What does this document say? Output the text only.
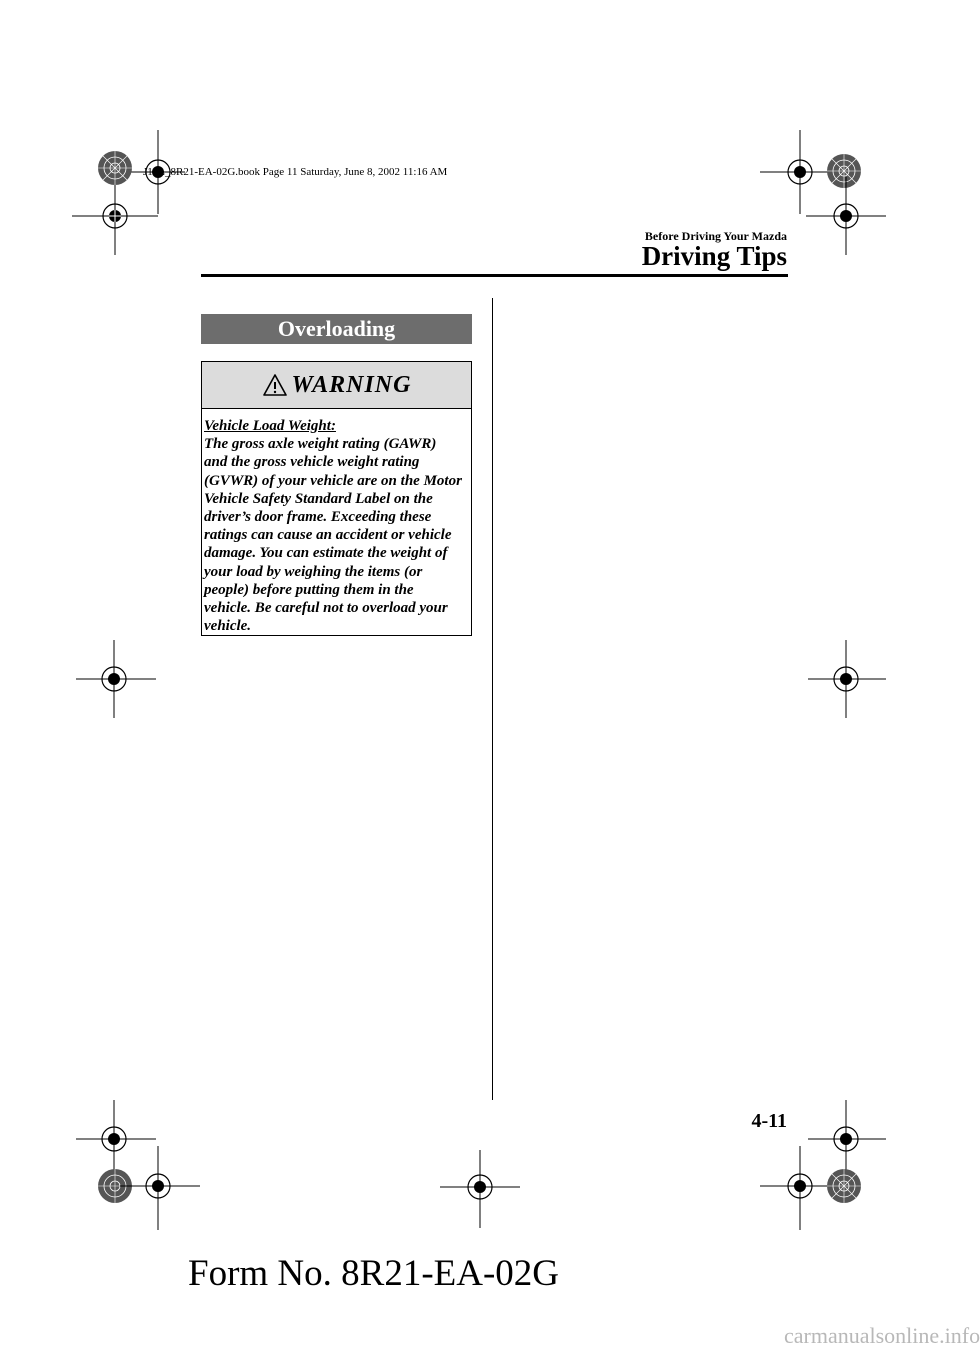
J16L_8R21-EA-02G.book Page 11 Saturday, June 8, 2002 11:16 AM
Before Driving Your Mazda
Driving Tips
Overloading
WARNING
Vehicle Load Weight:

The gross axle weight rating (GAWR) and the gross vehicle weight rating (GVWR) of your vehicle are on the Motor Vehicle Safety Standard Label on the driver’s door frame. Exceeding these ratings can cause an accident or vehicle damage. You can estimate the weight of your load by weighing the items (or people) before putting them in the vehicle. Be careful not to overload your vehicle.

4-11
Form No. 8R21-EA-02G
carmanualsonline.info
